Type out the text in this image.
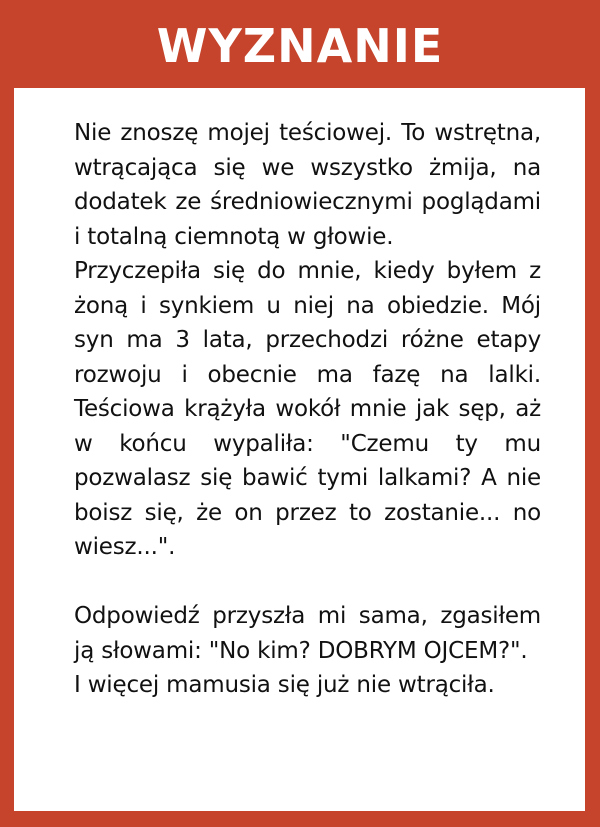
WYZNANIE

Nie znoszę mojej teściowej. To wstrętna, wtrącająca się we wszystko żmija, na dodatek ze średniowiecznymi poglądami i totalną ciemnotą w głowie.

Przyczepiła się do mnie, kiedy byłem z żoną i synkiem u niej na obiedzie. Mój syn ma 3 lata, przechodzi różne etapy rozwoju i obecnie ma fazę na lalki. Teściowa krążyła wokół mnie jak sęp, aż w końcu wypaliła: "Czemu ty mu pozwalasz się bawić tymi lalkami? A nie boisz się, że on przez to zostanie... no wiesz...".

Odpowiedź przyszła mi sama, zgasiłem ją słowami: "No kim? DOBRYM OJCEM?".

I więcej mamusia się już nie wtrąciła.
